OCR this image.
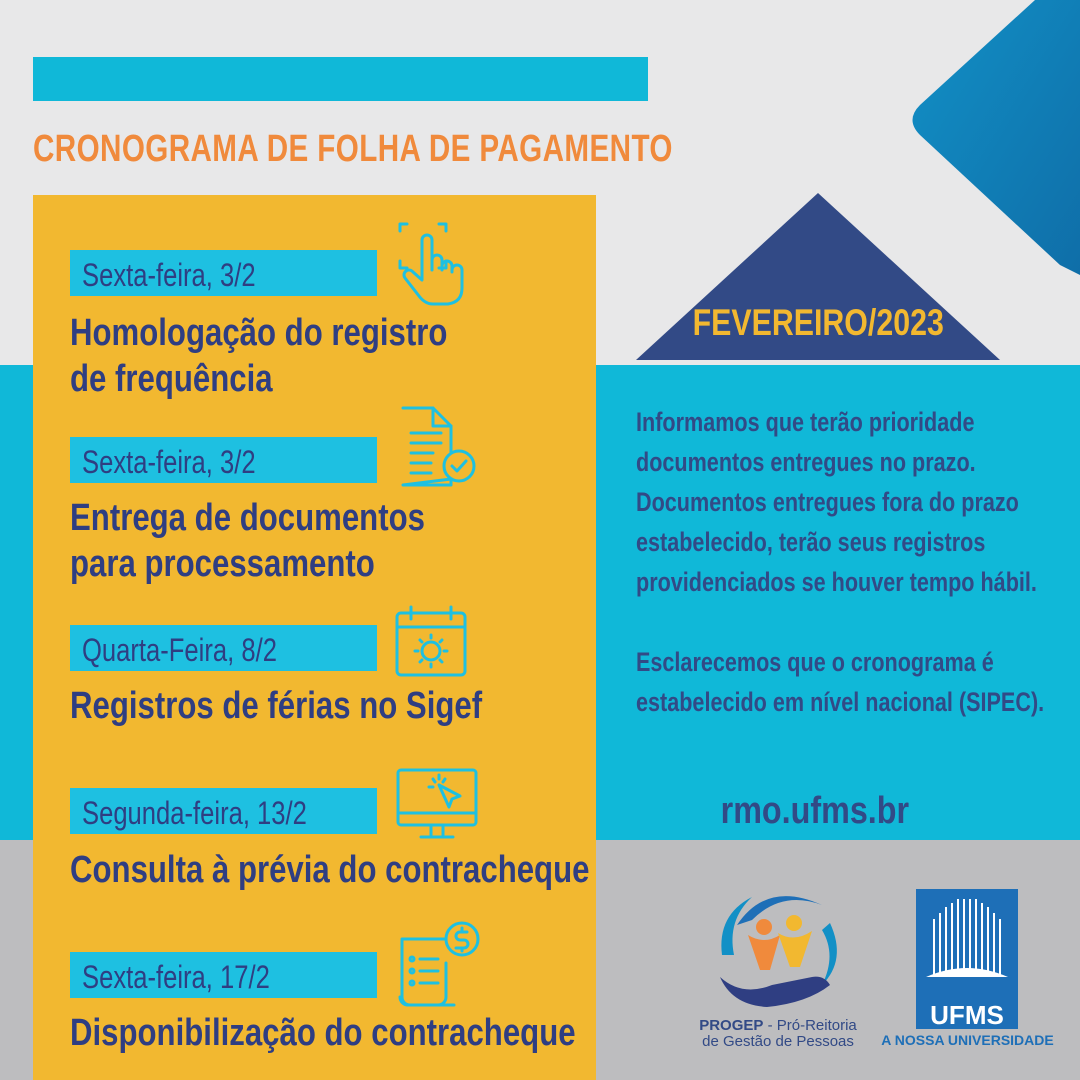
CRONOGRAMA DE FOLHA DE PAGAMENTO
FEVEREIRO/2023
Sexta-feira, 3/2
Homologação do registro
de frequência
Sexta-feira, 3/2
Entrega de documentos
para processamento
Quarta-Feira, 8/2
Registros de férias no Sigef
Segunda-feira, 13/2
Consulta à prévia do contracheque
Sexta-feira, 17/2
Disponibilização do contracheque

Informamos que terão prioridade
documentos entregues no prazo.
Documentos entregues fora do prazo
estabelecido, terão seus registros
providenciados se houver tempo hábil.

Esclarecemos que o cronograma é
estabelecido em nível nacional (SIPEC).

rmo.ufms.br
PROGEP - Pró-Reitoria
de Gestão de Pessoas
UFMS
A NOSSA UNIVERSIDADE
